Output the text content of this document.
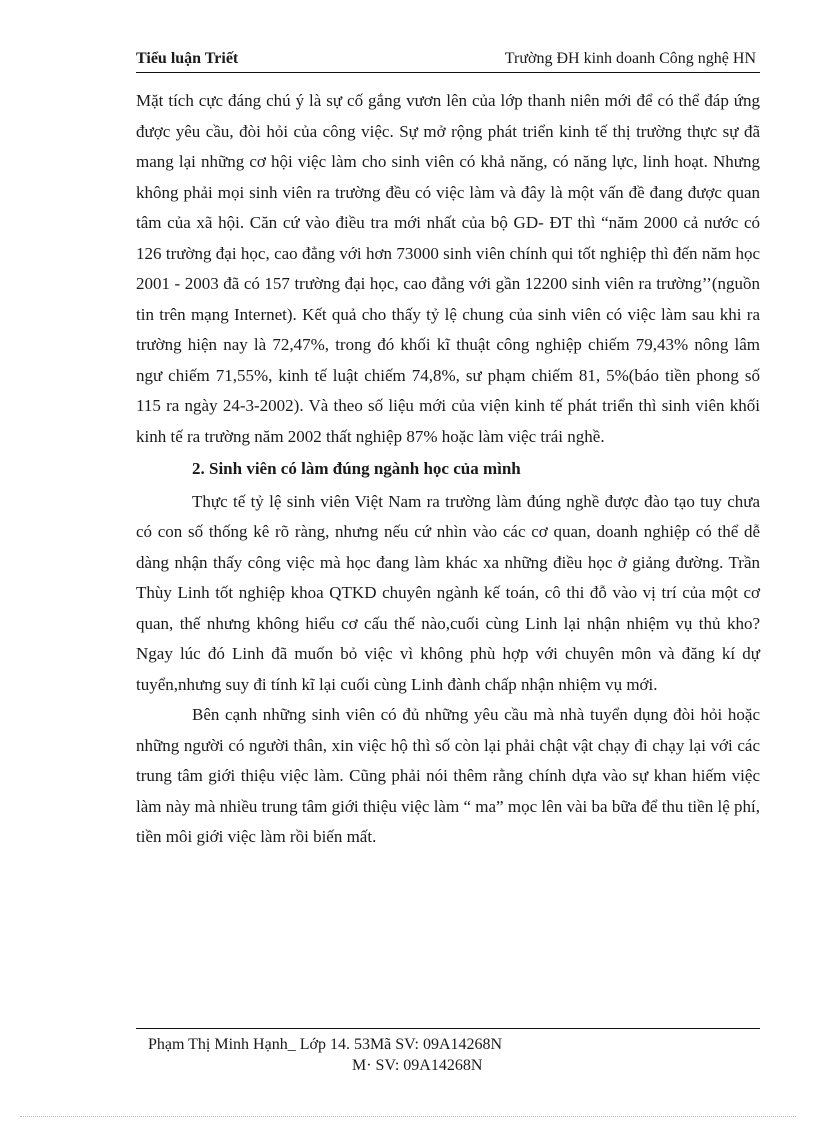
Tiểu luận Triết	Trường ĐH kinh doanh Công nghệ HN

Mặt tích cực đáng chú ý là sự cố gắng vươn lên của lớp thanh niên mới để có thể đáp ứng được yêu cầu, đòi hỏi của công việc. Sự mở rộng phát triển kinh tế thị trường thực sự đã mang lại những cơ hội việc làm cho sinh viên có khả năng, có năng lực, linh hoạt. Nhưng không phải mọi sinh viên ra trường đều có việc làm và đây là một vấn đề đang được quan tâm của xã hội. Căn cứ vào điều tra mới nhất của bộ GD- ĐT thì “năm 2000 cả nước có 126 trường đại học, cao đẳng với hơn 73000 sinh viên chính qui tốt nghiệp thì đến năm học 2001 - 2003 đã có 157 trường đại học, cao đẳng với gần 12200 sinh viên ra trường’’(nguồn tin trên mạng Internet). Kết quả cho thấy tỷ lệ chung của sinh viên có việc làm sau khi ra trường hiện nay là 72,47%, trong đó khối kĩ thuật công nghiệp chiếm 79,43% nông lâm ngư chiếm 71,55%, kinh tế luật chiếm 74,8%, sư phạm chiếm 81, 5%(báo tiền phong số 115 ra ngày 24-3-2002). Và theo số liệu mới của viện kinh tế phát triển thì sinh viên khối kinh tế ra trường năm 2002 thất nghiệp 87% hoặc làm việc trái nghề.

2. Sinh viên có làm đúng ngành học của mình

Thực tế tỷ lệ sinh viên Việt Nam ra trường làm đúng nghề được đào tạo tuy chưa có con số thống kê rõ ràng, nhưng nếu cứ nhìn vào các cơ quan, doanh nghiệp có thể dễ dàng nhận thấy công việc mà học đang làm khác xa những điều học ở giảng đường. Trần Thùy Linh tốt nghiệp khoa QTKD chuyên ngành kế toán, cô thi đỗ vào vị trí của một cơ quan, thế nhưng không hiểu cơ cấu thế nào,cuối cùng Linh lại nhận nhiệm vụ thủ kho?Ngay lúc đó Linh đã muốn bỏ việc vì không phù hợp với chuyên môn và đăng kí dự tuyển,nhưng suy đi tính kĩ lại cuối cùng Linh đành chấp nhận nhiệm vụ mới.

Bên cạnh những sinh viên có đủ những yêu cầu mà nhà tuyển dụng đòi hỏi hoặc những người có người thân, xin việc hộ thì số còn lại phải chật vật chạy đi chạy lại với các trung tâm giới thiệu việc làm. Cũng phải nói thêm rằng chính dựa vào sự khan hiếm việc làm này mà nhiều trung tâm giới thiệu việc làm “ ma” mọc lên vài ba bữa để thu tiền lệ phí, tiền môi giới việc làm rồi biến mất.

Phạm Thị Minh Hạnh_ Lớp 14. 53Mã SV: 09A14268N
M· SV: 09A14268N
